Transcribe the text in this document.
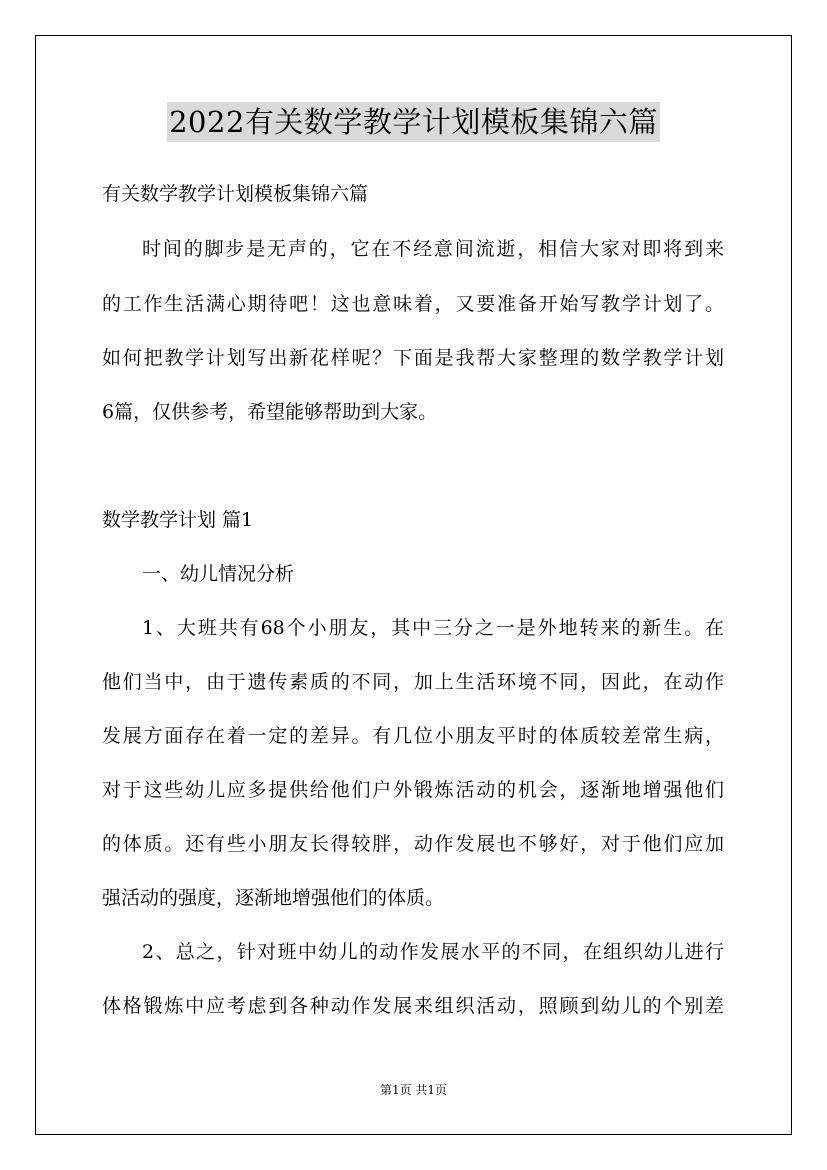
2022有关数学教学计划模板集锦六篇
有关数学教学计划模板集锦六篇
时间的脚步是无声的，它在不经意间流逝，相信大家对即将到来
的工作生活满心期待吧！这也意味着，又要准备开始写教学计划了。
如何把教学计划写出新花样呢？下面是我帮大家整理的数学教学计划
6篇，仅供参考，希望能够帮助到大家。
数学教学计划 篇1
一、幼儿情况分析
1、大班共有68个小朋友，其中三分之一是外地转来的新生。在
他们当中，由于遗传素质的不同，加上生活环境不同，因此，在动作
发展方面存在着一定的差异。有几位小朋友平时的体质较差常生病，
对于这些幼儿应多提供给他们户外锻炼活动的机会，逐渐地增强他们
的体质。还有些小朋友长得较胖，动作发展也不够好，对于他们应加
强活动的强度，逐渐地增强他们的体质。
2、总之，针对班中幼儿的动作发展水平的不同，在组织幼儿进行
体格锻炼中应考虑到各种动作发展来组织活动，照顾到幼儿的个别差
第1页 共1页
